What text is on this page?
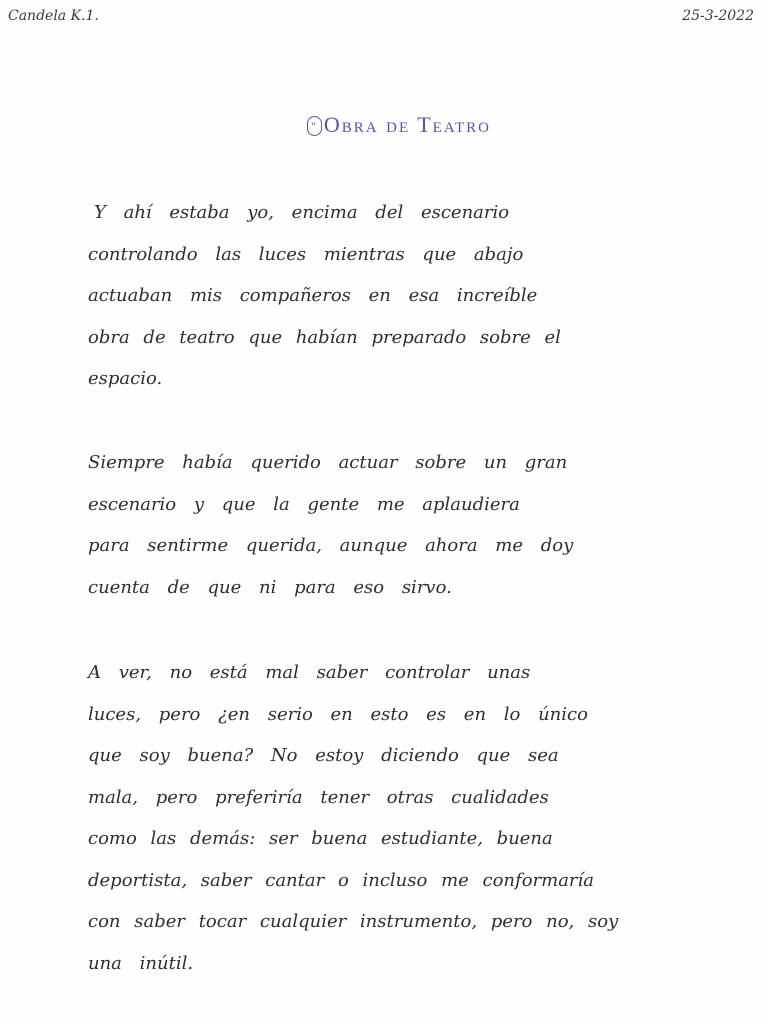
Candela K.1.	25-3-2022
" Obra de Teatro
Y ahí estaba yo, encima del escenario
controlando las luces mientras que abajo
actuaban mis compañeros en esa increíble
obra de teatro que habían preparado sobre el
espacio.
Siempre había querido actuar sobre un gran
escenario y que la gente me aplaudiera
para sentirme querida, aunque ahora me doy
cuenta de que ni para eso sirvo.
A ver, no está mal saber controlar unas
luces, pero ¿en serio en esto es en lo único
que soy buena? No estoy diciendo que sea
mala, pero preferiría tener otras cualidades
como las demás: ser buena estudiante, buena
deportista, saber cantar o incluso me conformaría
con saber tocar cualquier instrumento, pero no, soy
una inútil.
